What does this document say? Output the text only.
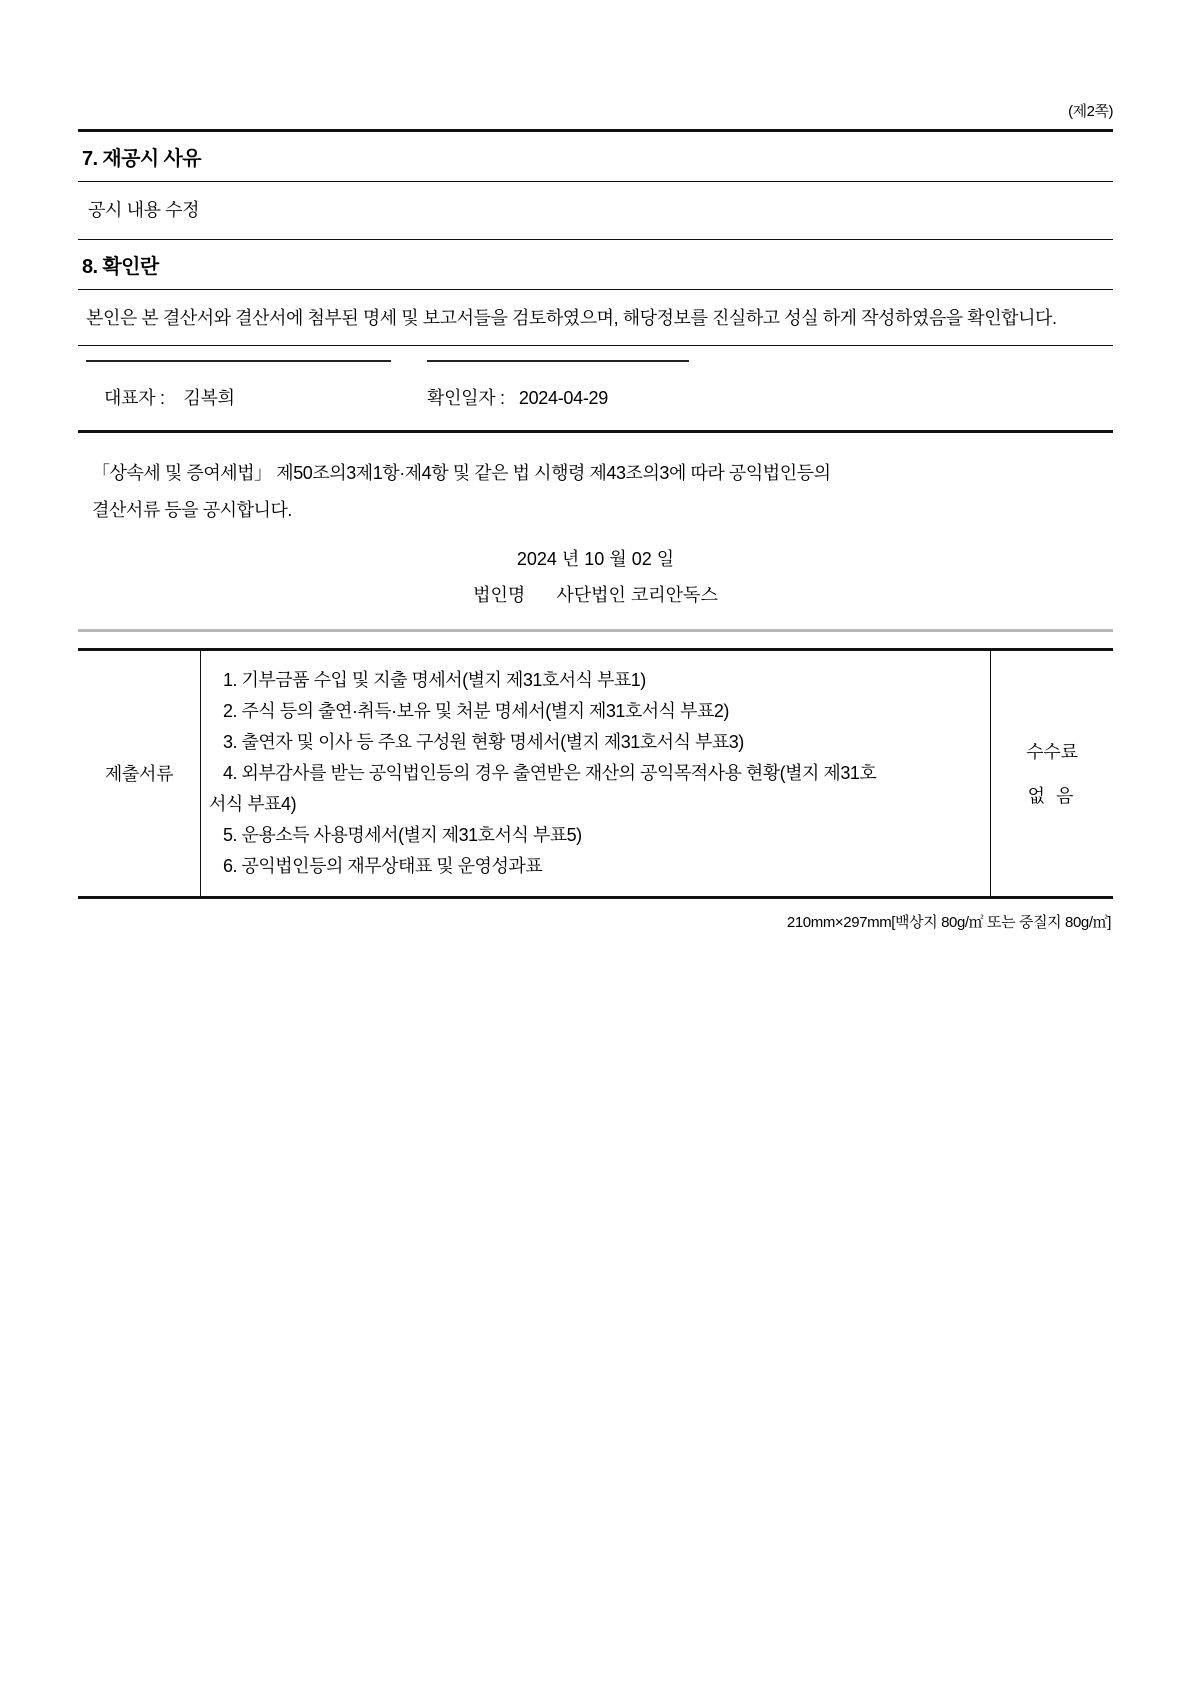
(제2쪽)
7. 재공시 사유
공시 내용 수정
8. 확인란
본인은 본 결산서와 결산서에 첨부된 명세 및 보고서들을 검토하였으며, 해당정보를 진실하고 성실 하게 작성하였음을 확인합니다.
대표자 : 김복희	확인일자 : 2024-04-29
「상속세 및 증여세법」 제50조의3제1항·제4항 및 같은 법 시행령 제43조의3에 따라 공익법인등의
결산서류 등을 공시합니다.
2024 년 10 월 02 일
법인명 사단법인 코리안독스
제출서류
1. 기부금품 수입 및 지출 명세서(별지 제31호서식 부표1)
2. 주식 등의 출연·취득·보유 및 처분 명세서(별지 제31호서식 부표2)
3. 출연자 및 이사 등 주요 구성원 현황 명세서(별지 제31호서식 부표3)
4. 외부감사를 받는 공익법인등의 경우 출연받은 재산의 공익목적사용 현황(별지 제31호
서식 부표4)
5. 운용소득 사용명세서(별지 제31호서식 부표5)
6. 공익법인등의 재무상태표 및 운영성과표
수수료
없 음
210mm×297mm[백상지 80g/㎡ 또는 중질지 80g/㎡]
